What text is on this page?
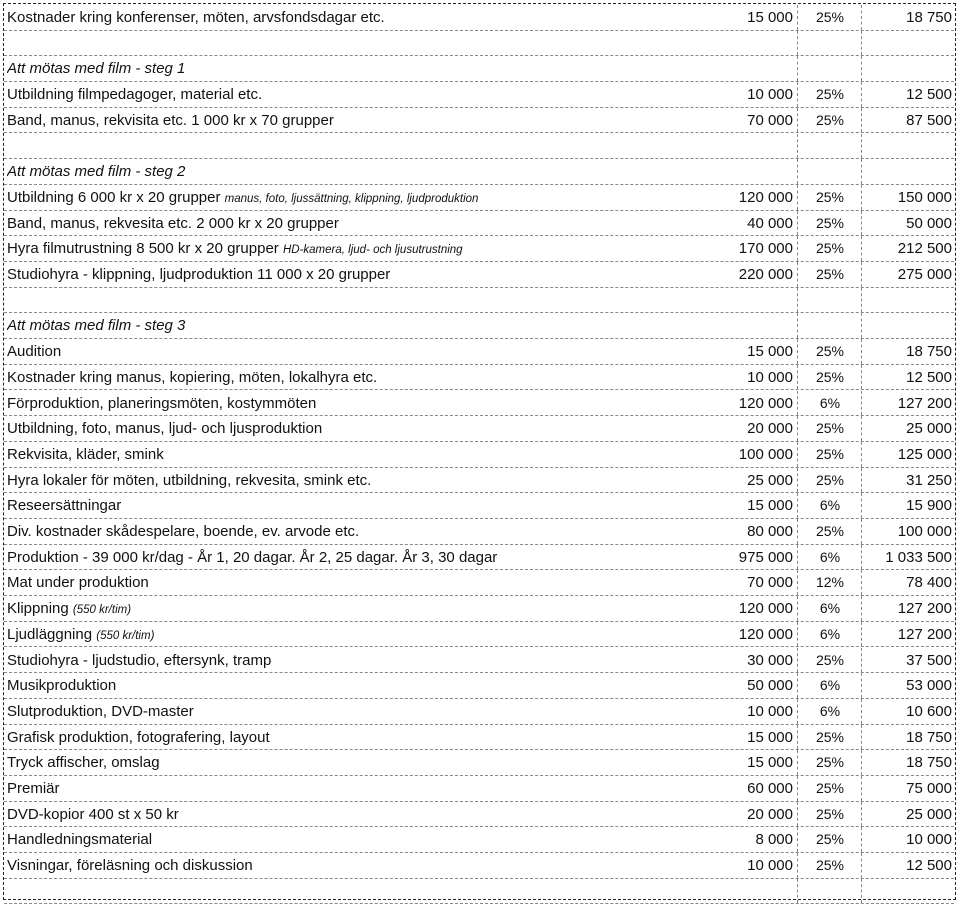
Kostnader kring konferenser, möten, arvsfondsdagar etc.	15 000	25%	18 750
Att mötas med film - steg 1
Utbildning filmpedagoger, material etc.	10 000	25%	12 500
Band, manus, rekvisita etc. 1 000 kr x 70 grupper	70 000	25%	87 500
Att mötas med film - steg 2
Utbildning 6 000 kr x 20 grupper manus, foto, ljussättning, klippning, ljudproduktion	120 000	25%	150 000
Band, manus, rekvesita etc. 2 000 kr x 20 grupper	40 000	25%	50 000
Hyra filmutrustning 8 500 kr x 20 grupper HD-kamera, ljud- och ljusutrustning	170 000	25%	212 500
Studiohyra - klippning, ljudproduktion 11 000 x 20 grupper	220 000	25%	275 000
Att mötas med film - steg 3
Audition	15 000	25%	18 750
Kostnader kring manus, kopiering, möten, lokalhyra etc.	10 000	25%	12 500
Förproduktion, planeringsmöten, kostymmöten	120 000	6%	127 200
Utbildning, foto, manus, ljud- och ljusproduktion	20 000	25%	25 000
Rekvisita, kläder, smink	100 000	25%	125 000
Hyra lokaler för möten, utbildning, rekvesita, smink etc.	25 000	25%	31 250
Reseersättningar	15 000	6%	15 900
Div. kostnader skådespelare, boende, ev. arvode etc.	80 000	25%	100 000
Produktion - 39 000 kr/dag - År 1, 20 dagar. År 2, 25 dagar. År 3, 30 dagar	975 000	6%	1 033 500
Mat under produktion	70 000	12%	78 400
Klippning (550 kr/tim)	120 000	6%	127 200
Ljudläggning (550 kr/tim)	120 000	6%	127 200
Studiohyra - ljudstudio, eftersynk, tramp	30 000	25%	37 500
Musikproduktion	50 000	6%	53 000
Slutproduktion, DVD-master	10 000	6%	10 600
Grafisk produktion, fotografering, layout	15 000	25%	18 750
Tryck affischer, omslag	15 000	25%	18 750
Premiär	60 000	25%	75 000
DVD-kopior 400 st x 50 kr	20 000	25%	25 000
Handledningsmaterial	8 000	25%	10 000
Visningar, föreläsning och diskussion	10 000	25%	12 500
